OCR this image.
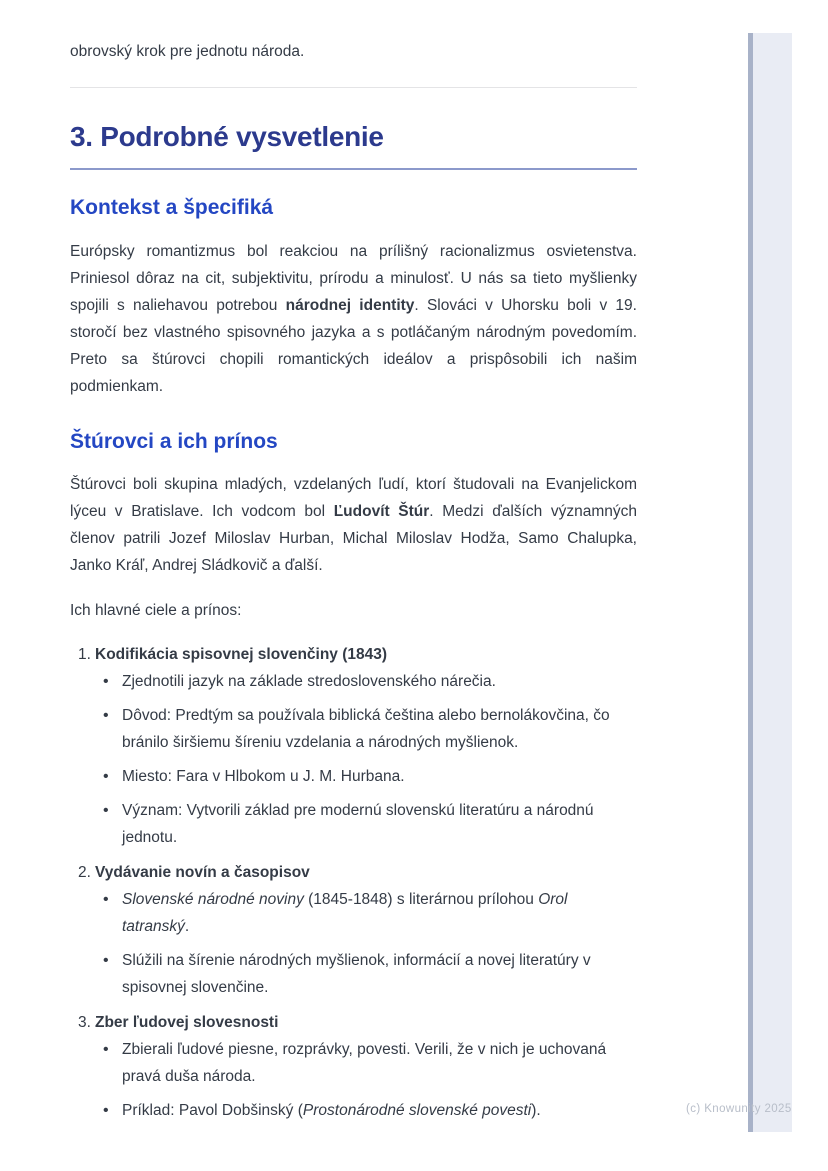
obrovský krok pre jednotu národa.

3. Podrobné vysvetlenie
Kontekst a špecifiká

Európsky romantizmus bol reakciou na prílišný racionalizmus osvietenstva. Priniesol dôraz na cit, subjektivitu, prírodu a minulosť. U nás sa tieto myšlienky spojili s naliehavou potrebou národnej identity. Slováci v Uhorsku boli v 19. storočí bez vlastného spisovného jazyka a s potláčaným národným povedomím. Preto sa štúrovci chopili romantických ideálov a prispôsobili ich našim podmienkam.

Štúrovci a ich prínos

Štúrovci boli skupina mladých, vzdelaných ľudí, ktorí študovali na Evanjelickom lýceu v Bratislave. Ich vodcom bol Ľudovít Štúr. Medzi ďalších významných členov patrili Jozef Miloslav Hurban, Michal Miloslav Hodža, Samo Chalupka, Janko Kráľ, Andrej Sládkovič a ďalší.

Ich hlavné ciele a prínos:

1. Kodifikácia spisovnej slovenčiny (1843)
• Zjednotili jazyk na základe stredoslovenského nárečia.
• Dôvod: Predtým sa používala biblická čeština alebo bernolákovčina, čo bránilo širšiemu šíreniu vzdelania a národných myšlienok.
• Miesto: Fara v Hlbokom u J. M. Hurbana.
• Význam: Vytvorili základ pre modernú slovenskú literatúru a národnú jednotu.
2. Vydávanie novín a časopisov
• Slovenské národné noviny (1845-1848) s literárnou prílohou Orol tatranský.
• Slúžili na šírenie národných myšlienok, informácií a novej literatúry v spisovnej slovenčine.
3. Zber ľudovej slovesnosti
• Zbierali ľudové piesne, rozprávky, povesti. Verili, že v nich je uchovaná pravá duša národa.
• Príklad: Pavol Dobšinský (Prostonárodné slovenské povesti).	(c) Knowunity 2025
